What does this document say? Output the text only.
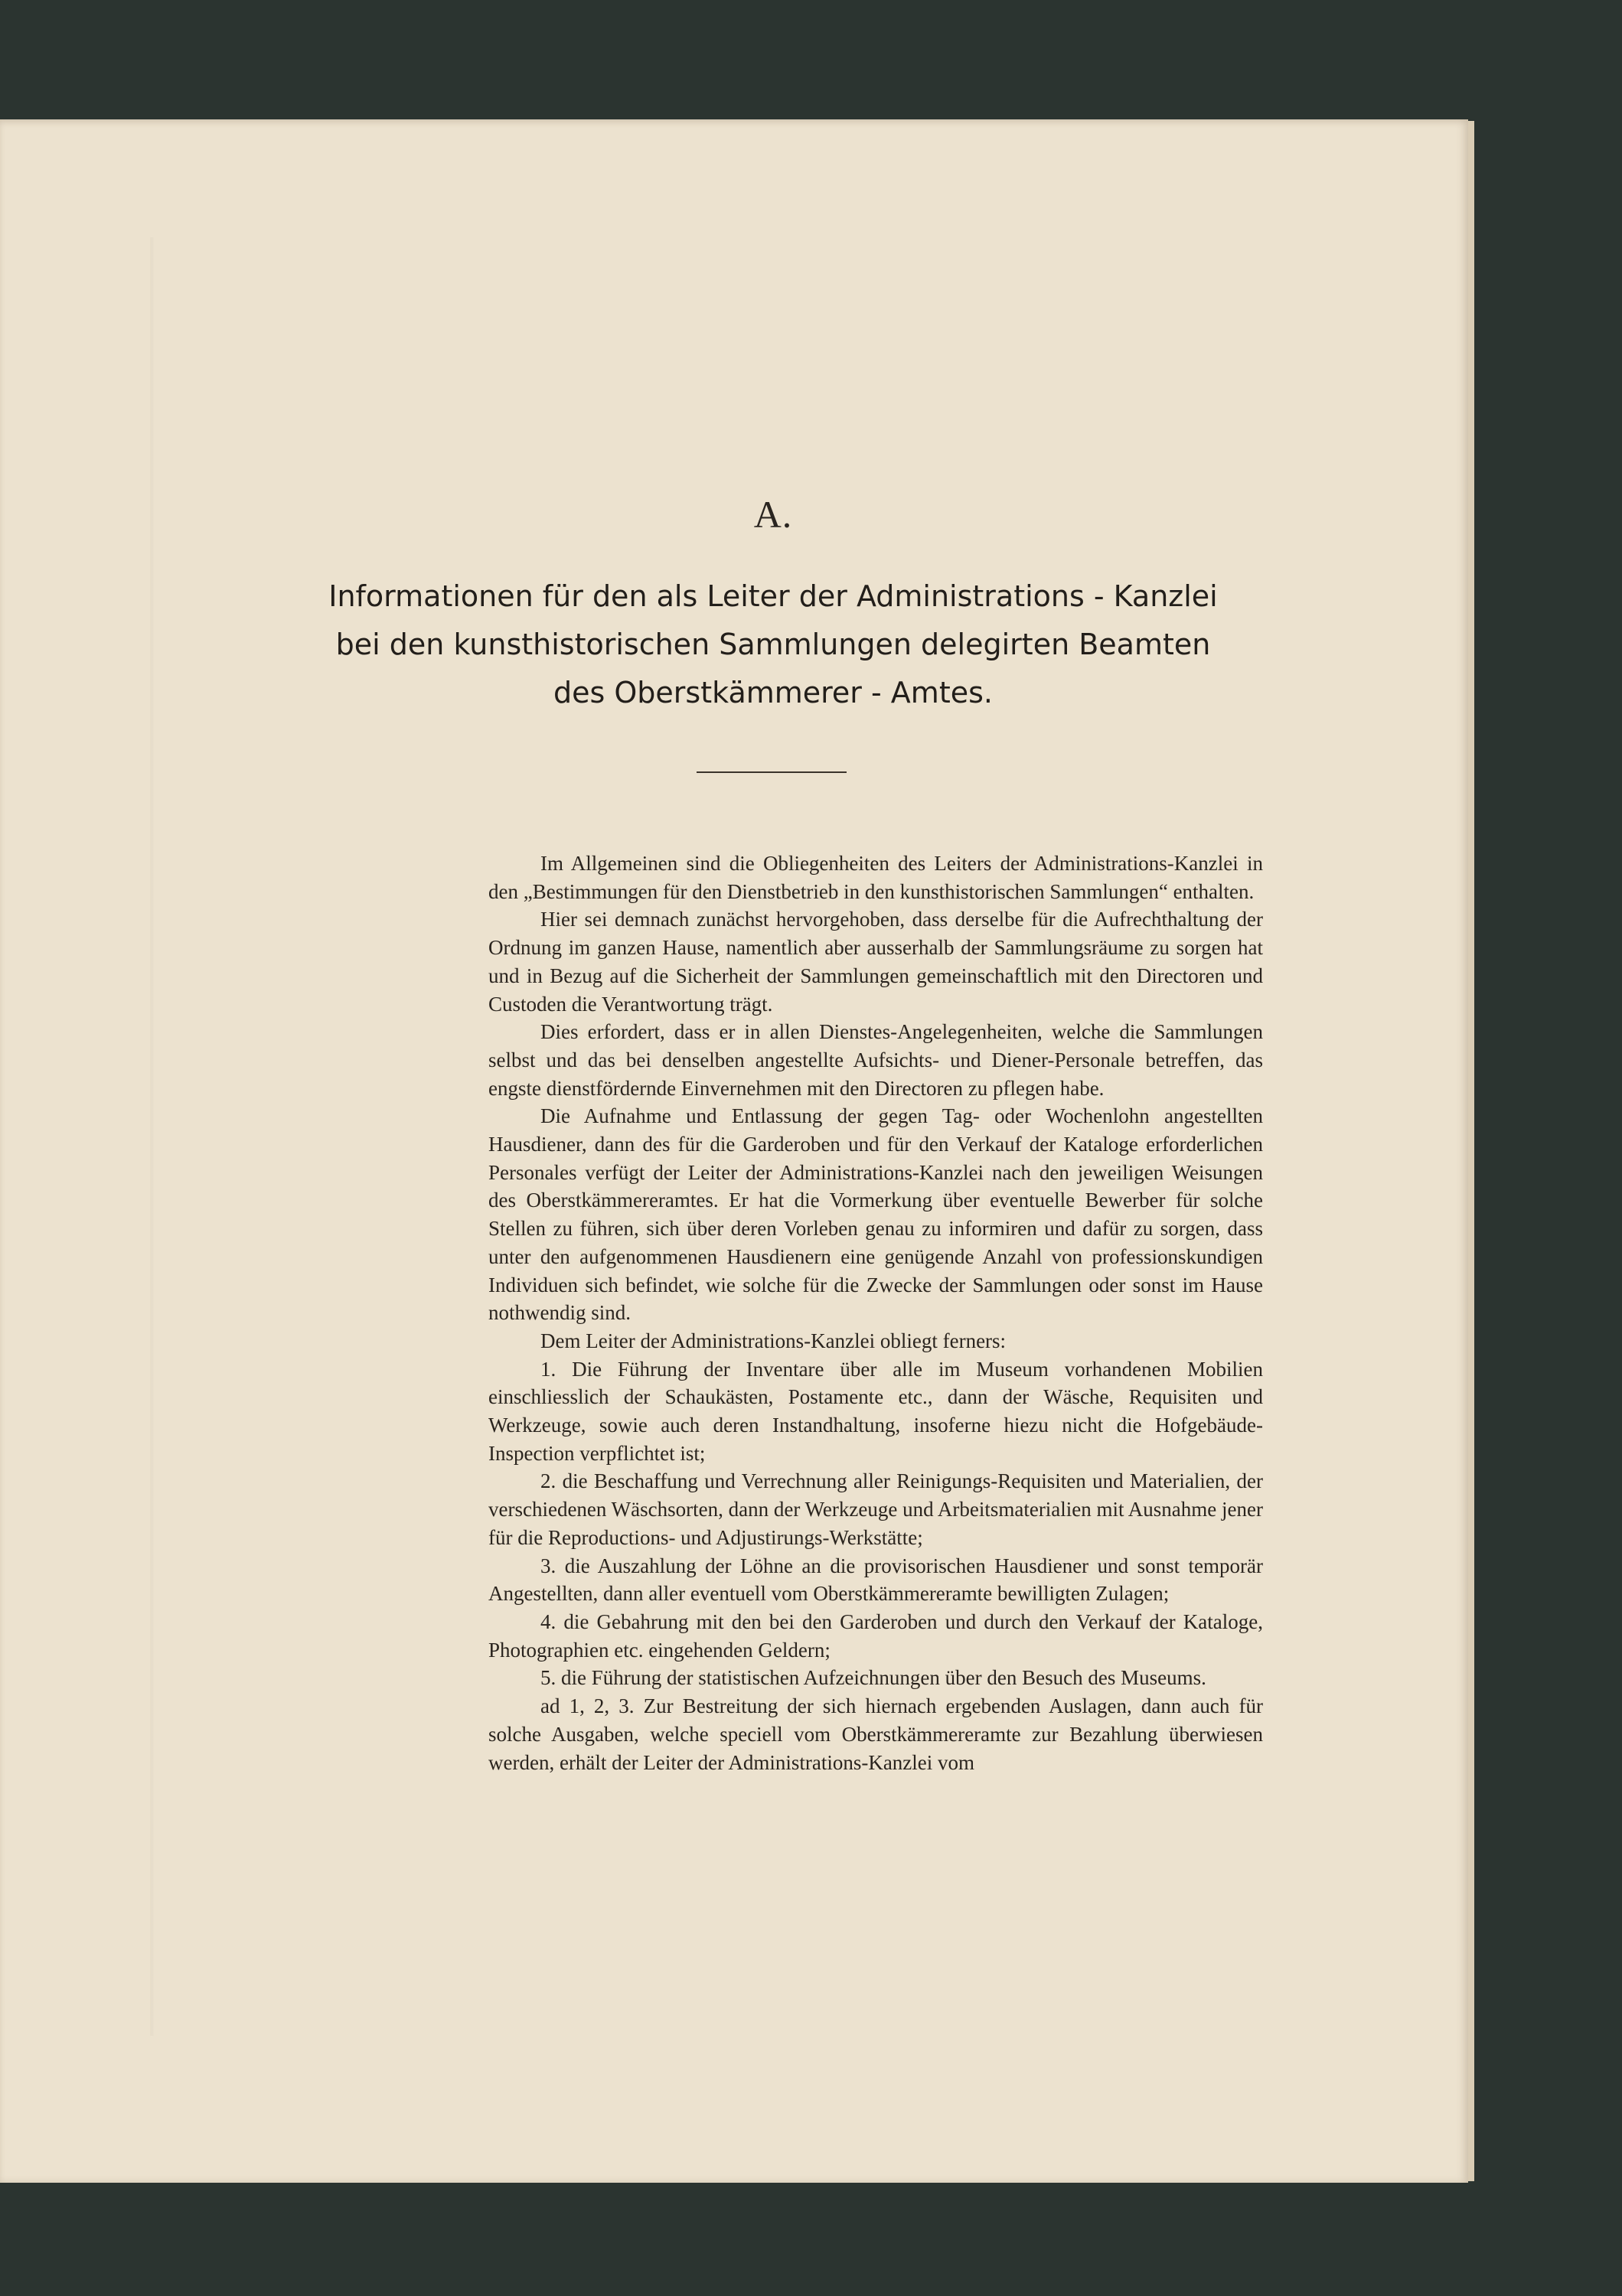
A.
Informationen für den als Leiter der Administrations - Kanzlei
bei den kunsthistorischen Sammlungen delegirten Beamten
des Oberstkämmerer - Amtes.

Im Allgemeinen sind die Obliegenheiten des Leiters der Administrations-Kanzlei in den „Bestimmungen für den Dienstbetrieb in den kunsthistorischen Sammlungen“ enthalten.

Hier sei demnach zunächst hervorgehoben, dass derselbe für die Aufrechthaltung der Ordnung im ganzen Hause, namentlich aber ausserhalb der Sammlungsräume zu sorgen hat und in Bezug auf die Sicherheit der Sammlungen gemeinschaftlich mit den Directoren und Custoden die Verantwortung trägt.

Dies erfordert, dass er in allen Dienstes-Angelegenheiten, welche die Sammlungen selbst und das bei denselben angestellte Aufsichts- und Diener-Personale betreffen, das engste dienstfördernde Einvernehmen mit den Directoren zu pflegen habe.

Die Aufnahme und Entlassung der gegen Tag- oder Wochenlohn angestellten Hausdiener, dann des für die Garderoben und für den Verkauf der Kataloge erforderlichen Personales verfügt der Leiter der Administrations-Kanzlei nach den jeweiligen Weisungen des Oberstkämmereramtes. Er hat die Vormerkung über eventuelle Bewerber für solche Stellen zu führen, sich über deren Vorleben genau zu informiren und dafür zu sorgen, dass unter den aufgenommenen Hausdienern eine genügende Anzahl von professionskundigen Individuen sich befindet, wie solche für die Zwecke der Sammlungen oder sonst im Hause nothwendig sind.

Dem Leiter der Administrations-Kanzlei obliegt ferners:

1. Die Führung der Inventare über alle im Museum vorhandenen Mobilien einschliesslich der Schaukästen, Postamente etc., dann der Wäsche, Requisiten und Werkzeuge, sowie auch deren Instandhaltung, insoferne hiezu nicht die Hofgebäude-Inspection verpflichtet ist;

2. die Beschaffung und Verrechnung aller Reinigungs-Requisiten und Materialien, der verschiedenen Wäschsorten, dann der Werkzeuge und Arbeitsmaterialien mit Ausnahme jener für die Reproductions- und Adjustirungs-Werkstätte;

3. die Auszahlung der Löhne an die provisorischen Hausdiener und sonst temporär Angestellten, dann aller eventuell vom Oberstkämmereramte bewilligten Zulagen;

4. die Gebahrung mit den bei den Garderoben und durch den Verkauf der Kataloge, Photographien etc. eingehenden Geldern;

5. die Führung der statistischen Aufzeichnungen über den Besuch des Museums.

ad 1, 2, 3. Zur Bestreitung der sich hiernach ergebenden Auslagen, dann auch für solche Ausgaben, welche speciell vom Oberstkämmereramte zur Bezahlung überwiesen werden, erhält der Leiter der Administrations-Kanzlei vom
